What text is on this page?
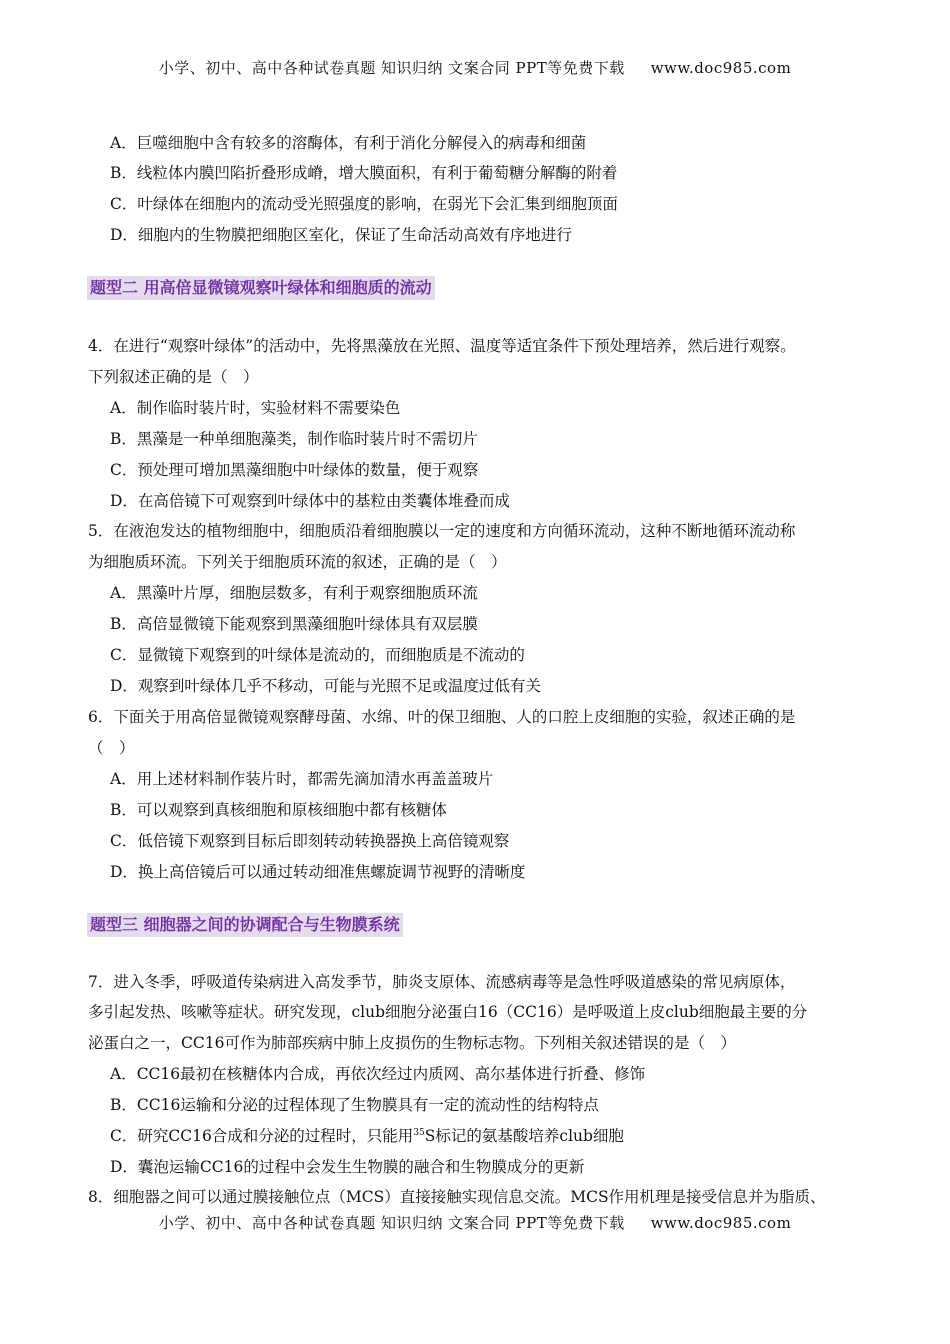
小学、初中、高中各种试卷真题 知识归纳 文案合同 PPT等免费下载 www.doc985.com
A．巨噬细胞中含有较多的溶酶体，有利于消化分解侵入的病毒和细菌
B．线粒体内膜凹陷折叠形成嵴，增大膜面积，有利于葡萄糖分解酶的附着
C．叶绿体在细胞内的流动受光照强度的影响，在弱光下会汇集到细胞顶面
D．细胞内的生物膜把细胞区室化，保证了生命活动高效有序地进行
题型二 用高倍显微镜观察叶绿体和细胞质的流动
4．在进行“观察叶绿体”的活动中，先将黑藻放在光照、温度等适宜条件下预处理培养，然后进行观察。
下列叙述正确的是（　）
A．制作临时装片时，实验材料不需要染色
B．黑藻是一种单细胞藻类，制作临时装片时不需切片
C．预处理可增加黑藻细胞中叶绿体的数量，便于观察
D．在高倍镜下可观察到叶绿体中的基粒由类囊体堆叠而成
5．在液泡发达的植物细胞中，细胞质沿着细胞膜以一定的速度和方向循环流动，这种不断地循环流动称
为细胞质环流。下列关于细胞质环流的叙述，正确的是（　）
A．黑藻叶片厚，细胞层数多，有利于观察细胞质环流
B．高倍显微镜下能观察到黑藻细胞叶绿体具有双层膜
C．显微镜下观察到的叶绿体是流动的，而细胞质是不流动的
D．观察到叶绿体几乎不移动，可能与光照不足或温度过低有关
6．下面关于用高倍显微镜观察酵母菌、水绵、叶的保卫细胞、人的口腔上皮细胞的实验，叙述正确的是
（　）
A．用上述材料制作装片时，都需先滴加清水再盖盖玻片
B．可以观察到真核细胞和原核细胞中都有核糖体
C．低倍镜下观察到目标后即刻转动转换器换上高倍镜观察
D．换上高倍镜后可以通过转动细准焦螺旋调节视野的清晰度
题型三 细胞器之间的协调配合与生物膜系统
7．进入冬季，呼吸道传染病进入高发季节，肺炎支原体、流感病毒等是急性呼吸道感染的常见病原体，
多引起发热、咳嗽等症状。研究发现，club细胞分泌蛋白16（CC16）是呼吸道上皮club细胞最主要的分
泌蛋白之一，CC16可作为肺部疾病中肺上皮损伤的生物标志物。下列相关叙述错误的是（　）
A．CC16最初在核糖体内合成，再依次经过内质网、高尔基体进行折叠、修饰
B．CC16运输和分泌的过程体现了生物膜具有一定的流动性的结构特点
C．研究CC16合成和分泌的过程时，只能用$^{35}$S标记的氨基酸培养club细胞
D．囊泡运输CC16的过程中会发生生物膜的融合和生物膜成分的更新
8．细胞器之间可以通过膜接触位点（MCS）直接接触实现信息交流。MCS作用机理是接受信息并为脂质、
小学、初中、高中各种试卷真题 知识归纳 文案合同 PPT等免费下载 www.doc985.com
